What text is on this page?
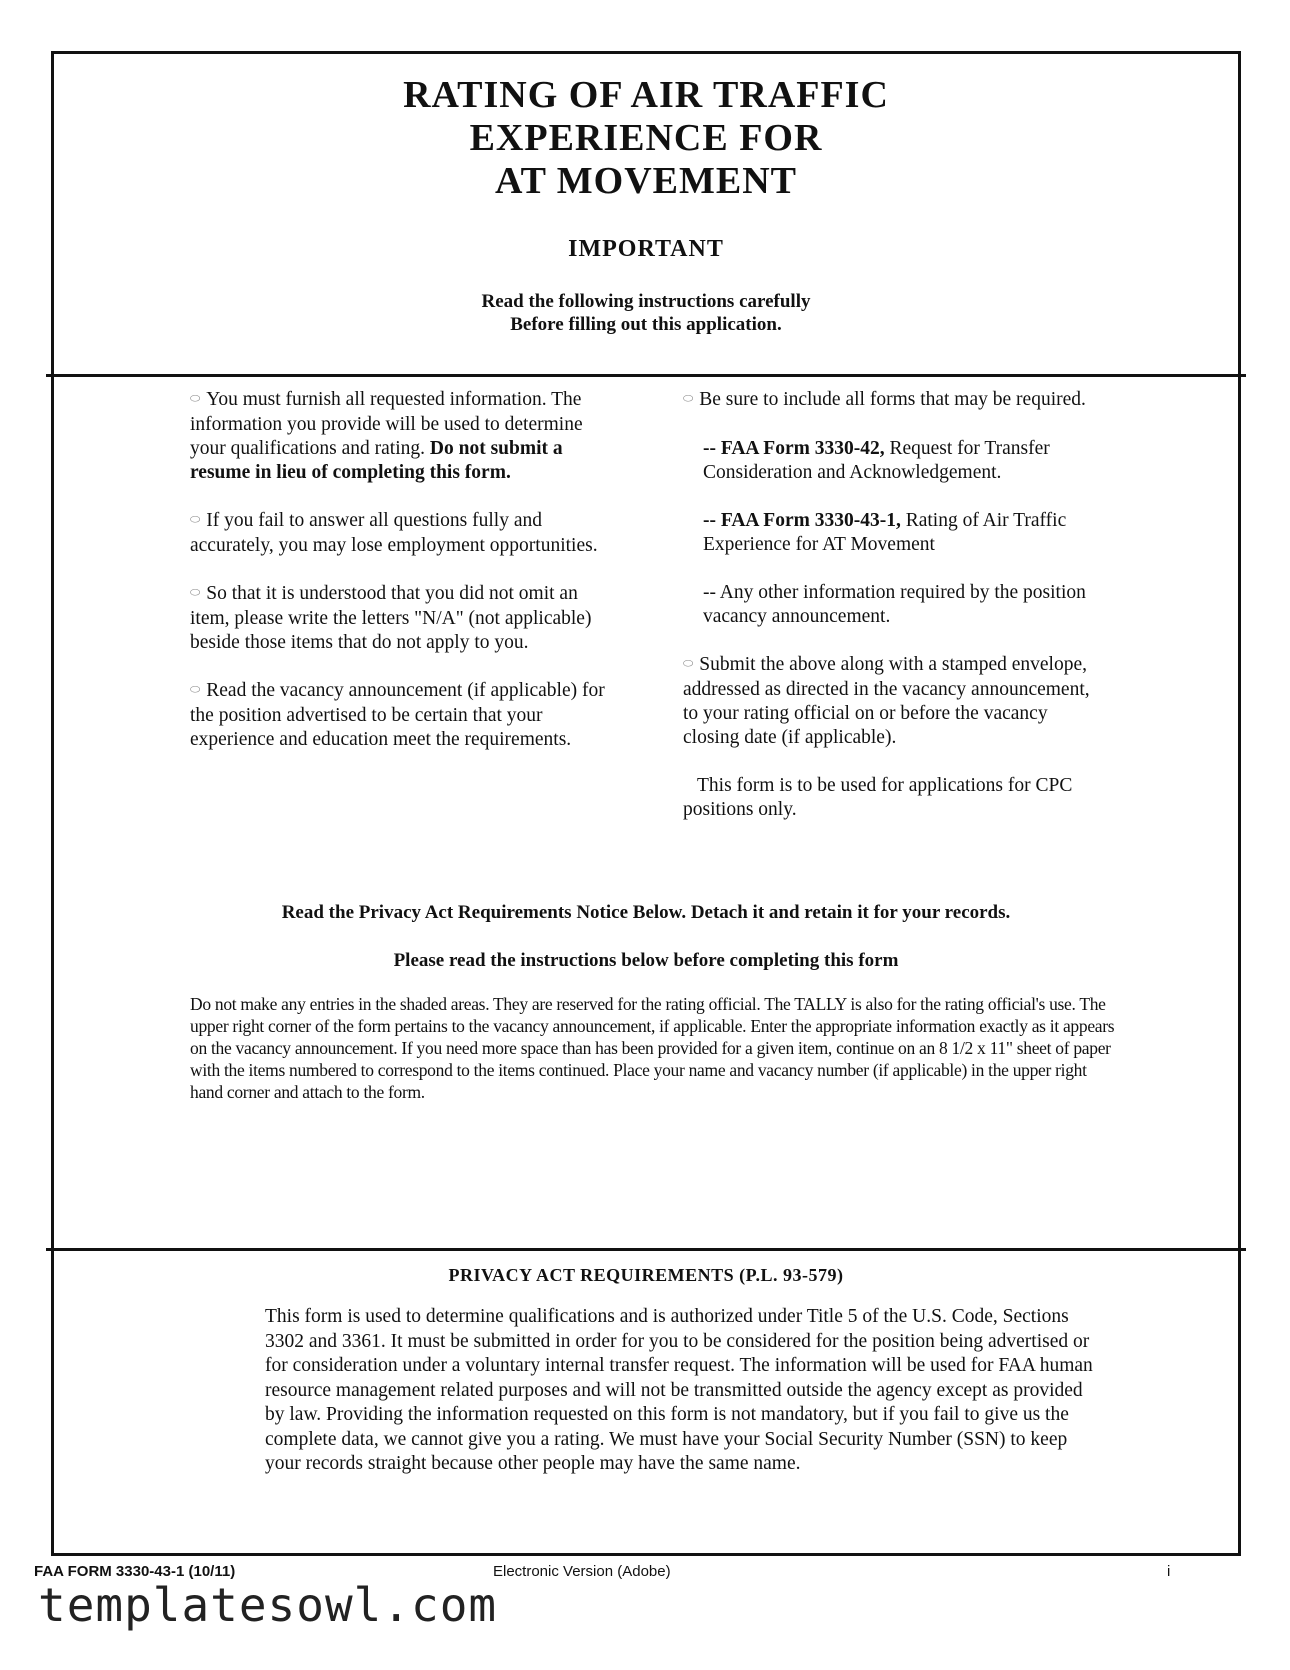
RATING OF AIR TRAFFIC
EXPERIENCE FOR
AT MOVEMENT
IMPORTANT
Read the following instructions carefully
Before filling out this application.

⬭ You must furnish all requested information. The information you provide will be used to determine your qualifications and rating. Do not submit a resume in lieu of completing this form.

⬭ If you fail to answer all questions fully and accurately, you may lose employment opportunities.

⬭ So that it is understood that you did not omit an item, please write the letters "N/A" (not applicable) beside those items that do not apply to you.

⬭ Read the vacancy announcement (if applicable) for the position advertised to be certain that your experience and education meet the requirements.

⬭ Be sure to include all forms that may be required.

-- FAA Form 3330-42, Request for Transfer Consideration and Acknowledgement.

-- FAA Form 3330-43-1, Rating of Air Traffic Experience for AT Movement

-- Any other information required by the position vacancy announcement.

⬭ Submit the above along with a stamped envelope, addressed as directed in the vacancy announcement, to your rating official on or before the vacancy closing date (if applicable).

This form is to be used for applications for CPC positions only.

Read the Privacy Act Requirements Notice Below. Detach it and retain it for your records.
Please read the instructions below before completing this form

Do not make any entries in the shaded areas. They are reserved for the rating official. The TALLY is also for the rating official's use. The upper right corner of the form pertains to the vacancy announcement, if applicable. Enter the appropriate information exactly as it appears on the vacancy announcement. If you need more space than has been provided for a given item, continue on an 8 1/2 x 11" sheet of paper with the items numbered to correspond to the items continued. Place your name and vacancy number (if applicable) in the upper right hand corner and attach to the form.

PRIVACY ACT REQUIREMENTS (P.L. 93-579)

This form is used to determine qualifications and is authorized under Title 5 of the U.S. Code, Sections 3302 and 3361. It must be submitted in order for you to be considered for the position being advertised or for consideration under a voluntary internal transfer request. The information will be used for FAA human resource management related purposes and will not be transmitted outside the agency except as provided by law. Providing the information requested on this form is not mandatory, but if you fail to give us the complete data, we cannot give you a rating. We must have your Social Security Number (SSN) to keep your records straight because other people may have the same name.

FAA FORM 3330-43-1 (10/11)	Electronic Version (Adobe)	i
templatesowl.com
